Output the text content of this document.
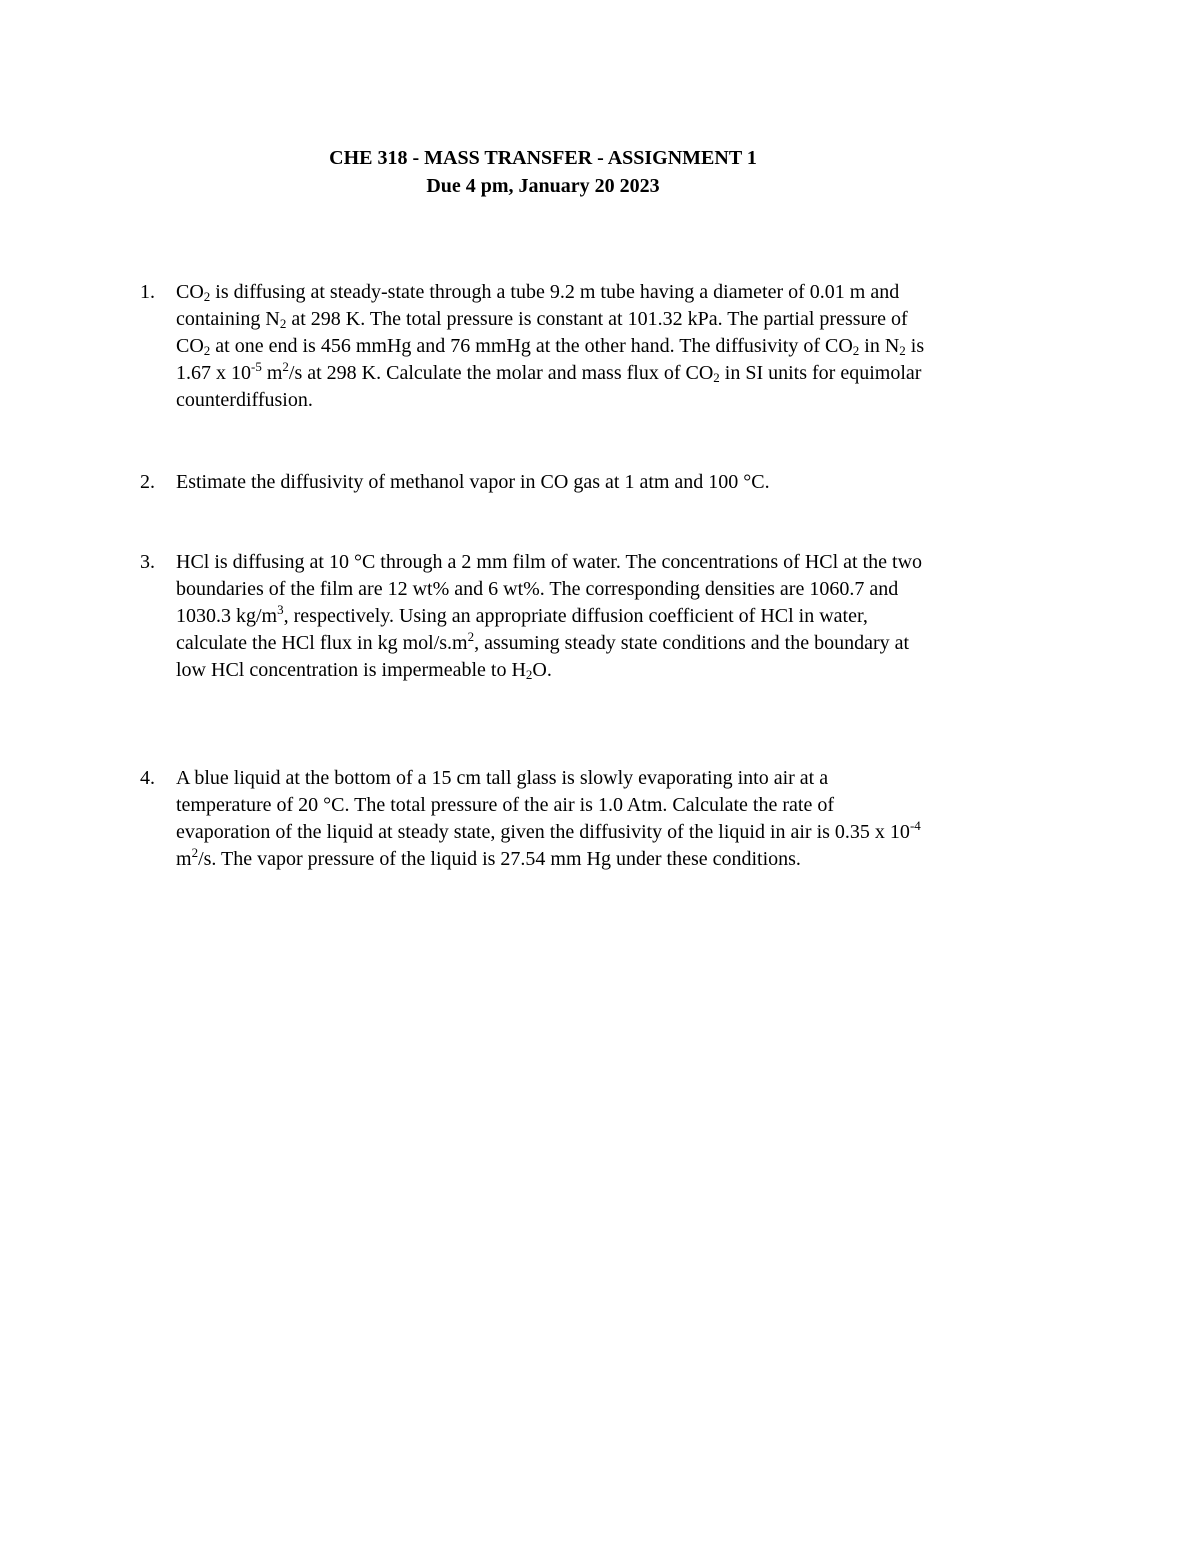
CHE 318 - MASS TRANSFER - ASSIGNMENT 1
Due 4 pm, January 20 2023
1. $CO_2$ is diffusing at steady-state through a tube 9.2 m tube having a diameter of 0.01 m and
containing $N_2$ at 298 K. The total pressure is constant at 101.32 kPa. The partial pressure of
$CO_2$ at one end is 456 mmHg and 76 mmHg at the other hand. The diffusivity of $CO_2$ in $N_2$ is
1.67 x $10^{-5}$ $m^2/s$ at 298 K. Calculate the molar and mass flux of $CO_2$ in SI units for equimolar
counterdiffusion.
2. Estimate the diffusivity of methanol vapor in CO gas at 1 atm and 100 °C.
3. HCl is diffusing at 10 °C through a 2 mm film of water. The concentrations of HCl at the two
boundaries of the film are 12 wt% and 6 wt%. The corresponding densities are 1060.7 and
1030.3 $kg/m^3$, respectively. Using an appropriate diffusion coefficient of HCl in water,
calculate the HCl flux in kg mol/$s.m^2$, assuming steady state conditions and the boundary at
low HCl concentration is impermeable to $H_2O$.
4. A blue liquid at the bottom of a 15 cm tall glass is slowly evaporating into air at a
temperature of 20 °C. The total pressure of the air is 1.0 Atm. Calculate the rate of
evaporation of the liquid at steady state, given the diffusivity of the liquid in air is 0.35 x $10^{-4}$
$m^2/s$. The vapor pressure of the liquid is 27.54 mm Hg under these conditions.
